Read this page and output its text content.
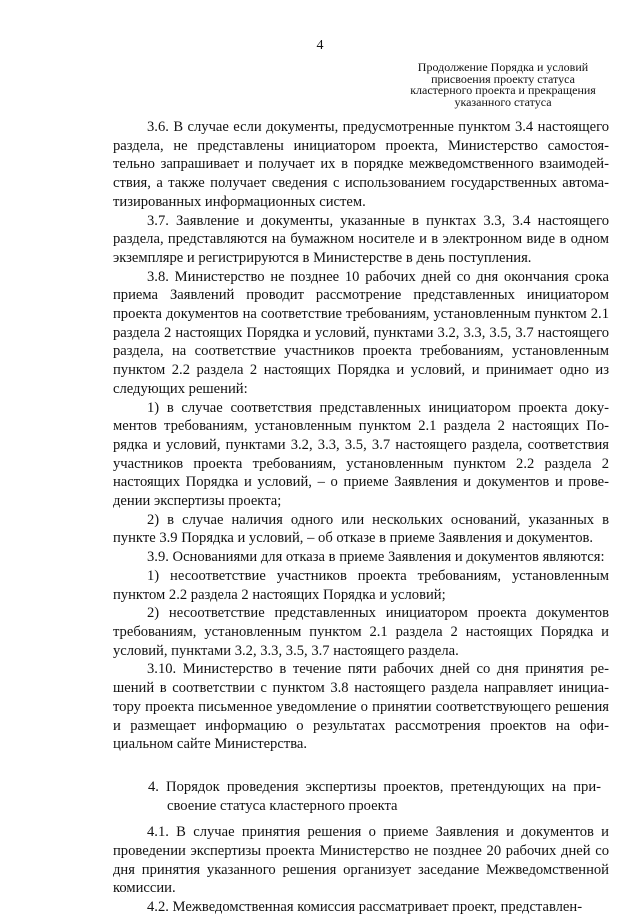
4
Продолжение Порядка и условий
присвоения проекту статуса
кластерного проекта и прекращения
указанного статуса

3.6. В случае если документы, предусмотренные пунктом 3.4 настоящего раздела, не представлены инициатором проекта, Министерство самостоятельно запрашивает и получает их в порядке межведомственного взаимодействия, а также получает сведения с использованием государственных автоматизированных информационных систем.

3.7. Заявление и документы, указанные в пунктах 3.3, 3.4 настоящего раздела, представляются на бумажном носителе и в электронном виде в одном экземпляре и регистрируются в Министерстве в день поступления.

3.8. Министерство не позднее 10 рабочих дней со дня окончания срока приема Заявлений проводит рассмотрение представленных инициатором проекта документов на соответствие требованиям, установленным пунктом 2.1 раздела 2 настоящих Порядка и условий, пунктами 3.2, 3.3, 3.5, 3.7 настоящего раздела, на соответствие участников проекта требованиям, установленным пунктом 2.2 раздела 2 настоящих Порядка и условий, и принимает одно из следующих решений:

1) в случае соответствия представленных инициатором проекта документов требованиям, установленным пунктом 2.1 раздела 2 настоящих Порядка и условий, пунктами 3.2, 3.3, 3.5, 3.7 настоящего раздела, соответствия участников проекта требованиям, установленным пунктом 2.2 раздела 2 настоящих Порядка и условий, – о приеме Заявления и документов и проведении экспертизы проекта;

2) в случае наличия одного или нескольких оснований, указанных в пункте 3.9 Порядка и условий, – об отказе в приеме Заявления и документов.

3.9. Основаниями для отказа в приеме Заявления и документов являются:

1) несоответствие участников проекта требованиям, установленным пунктом 2.2 раздела 2 настоящих Порядка и условий;

2) несоответствие представленных инициатором проекта документов требованиям, установленным пунктом 2.1 раздела 2 настоящих Порядка и условий, пунктами 3.2, 3.3, 3.5, 3.7 настоящего раздела.

3.10. Министерство в течение пяти рабочих дней со дня принятия решений в соответствии с пунктом 3.8 настоящего раздела направляет инициатору проекта письменное уведомление о принятии соответствующего решения и размещает информацию о результатах рассмотрения проектов на официальном сайте Министерства.

4. Порядок проведения экспертизы проектов, претендующих на присвоение статуса кластерного проекта

4.1. В случае принятия решения о приеме Заявления и документов и проведении экспертизы проекта Министерство не позднее 20 рабочих дней со дня принятия указанного решения организует заседание Межведомственной комиссии.

4.2. Межведомственная комиссия рассматривает проект, представлен-
